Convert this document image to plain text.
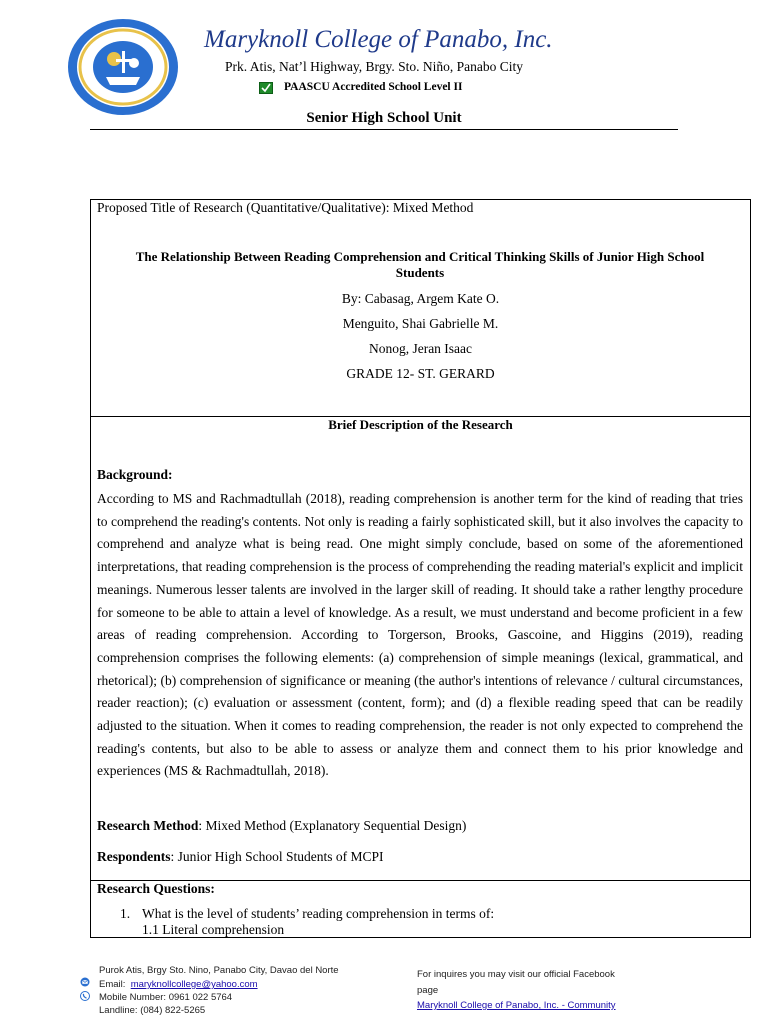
Maryknoll College of Panabo, Inc.
Prk. Atis, Nat’l Highway, Brgy. Sto. Niño, Panabo City
PAASCU Accredited School Level II
Senior High School Unit
Proposed Title of Research (Quantitative/Qualitative): Mixed Method
The Relationship Between Reading Comprehension and Critical Thinking Skills of Junior High School Students
By: Cabasag, Argem Kate O.
Menguito, Shai Gabrielle M.
Nonog, Jeran Isaac
GRADE 12- ST. GERARD
Brief Description of the Research
Background:

According to MS and Rachmadtullah (2018), reading comprehension is another term for the kind of reading that tries to comprehend the reading's contents. Not only is reading a fairly sophisticated skill, but it also involves the capacity to comprehend and analyze what is being read. One might simply conclude, based on some of the aforementioned interpretations, that reading comprehension is the process of comprehending the reading material's explicit and implicit meanings. Numerous lesser talents are involved in the larger skill of reading. It should take a rather lengthy procedure for someone to be able to attain a level of knowledge. As a result, we must understand and become proficient in a few areas of reading comprehension. According to Torgerson, Brooks, Gascoine, and Higgins (2019), reading comprehension comprises the following elements: (a) comprehension of simple meanings (lexical, grammatical, and rhetorical); (b) comprehension of significance or meaning (the author's intentions of relevance / cultural circumstances, reader reaction); (c) evaluation or assessment (content, form); and (d) a flexible reading speed that can be readily adjusted to the situation. When it comes to reading comprehension, the reader is not only expected to comprehend the reading's contents, but also to be able to assess or analyze them and connect them to his prior knowledge and experiences (MS & Rachmadtullah, 2018).

Research Method: Mixed Method (Explanatory Sequential Design)
Respondents: Junior High School Students of MCPI
Research Questions:
1. What is the level of students’ reading comprehension in terms of:
1.1 Literal comprehension
Purok Atis, Brgy Sto. Nino, Panabo City, Davao del Norte
Email: maryknollcollege@yahoo.com
Mobile Number: 0961 022 5764
Landline: (084) 822-5265
For inquires you may visit our official Facebook
page
Maryknoll College of Panabo, Inc. - Community
